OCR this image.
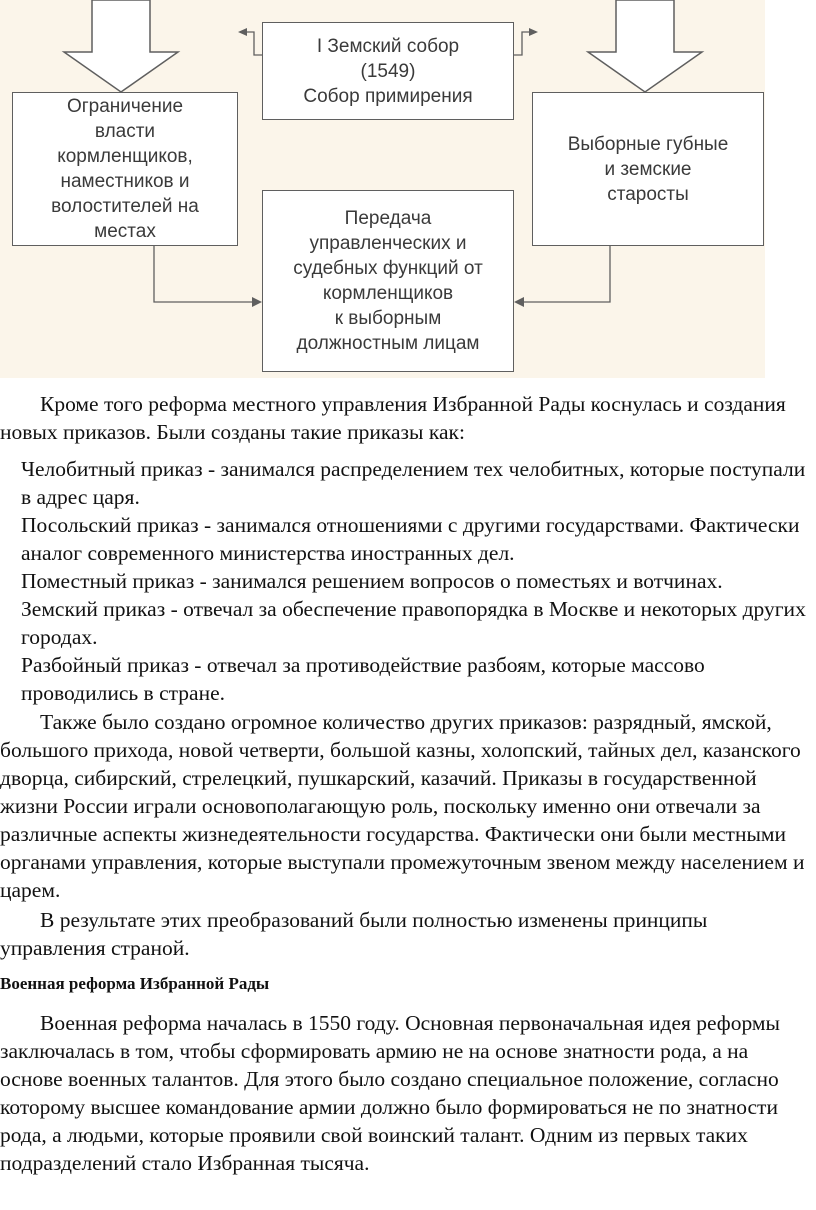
I Земский собор
(1549)
Собор примирения
Ограничение
власти
кормленщиков,
наместников и
волостителей на
местах
Выборные губные
и земские
старосты
Передача
управленческих и
судебных функций от
кормленщиков
к выборным
должностным лицам

Кроме того реформа местного управления Избранной Рады коснулась и создания новых приказов. Были созданы такие приказы как:

Челобитный приказ - занимался распределением тех челобитных, которые поступали в адрес царя.
Посольский приказ - занимался отношениями с другими государствами. Фактически аналог современного министерства иностранных дел.
Поместный приказ - занимался решением вопросов о поместьях и вотчинах.
Земский приказ - отвечал за обеспечение правопорядка в Москве и некоторых других городах.
Разбойный приказ - отвечал за противодействие разбоям, которые массово проводились в стране.

Также было создано огромное количество других приказов: разрядный, ямской, большого прихода, новой четверти, большой казны, холопский, тайных дел, казанского дворца, сибирский, стрелецкий, пушкарский, казачий. Приказы в государственной жизни России играли основополагающую роль, поскольку именно они отвечали за различные аспекты жизнедеятельности государства. Фактически они были местными органами управления, которые выступали промежуточным звеном между населением и царем.

В результате этих преобразований были полностью изменены принципы управления страной.

Военная реформа Избранной Рады

Военная реформа началась в 1550 году. Основная первоначальная идея реформы заключалась в том, чтобы сформировать армию не на основе знатности рода, а на основе военных талантов. Для этого было создано специальное положение, согласно которому высшее командование армии должно было формироваться не по знатности рода, а людьми, которые проявили свой воинский талант. Одним из первых таких подразделений стало Избранная тысяча.
